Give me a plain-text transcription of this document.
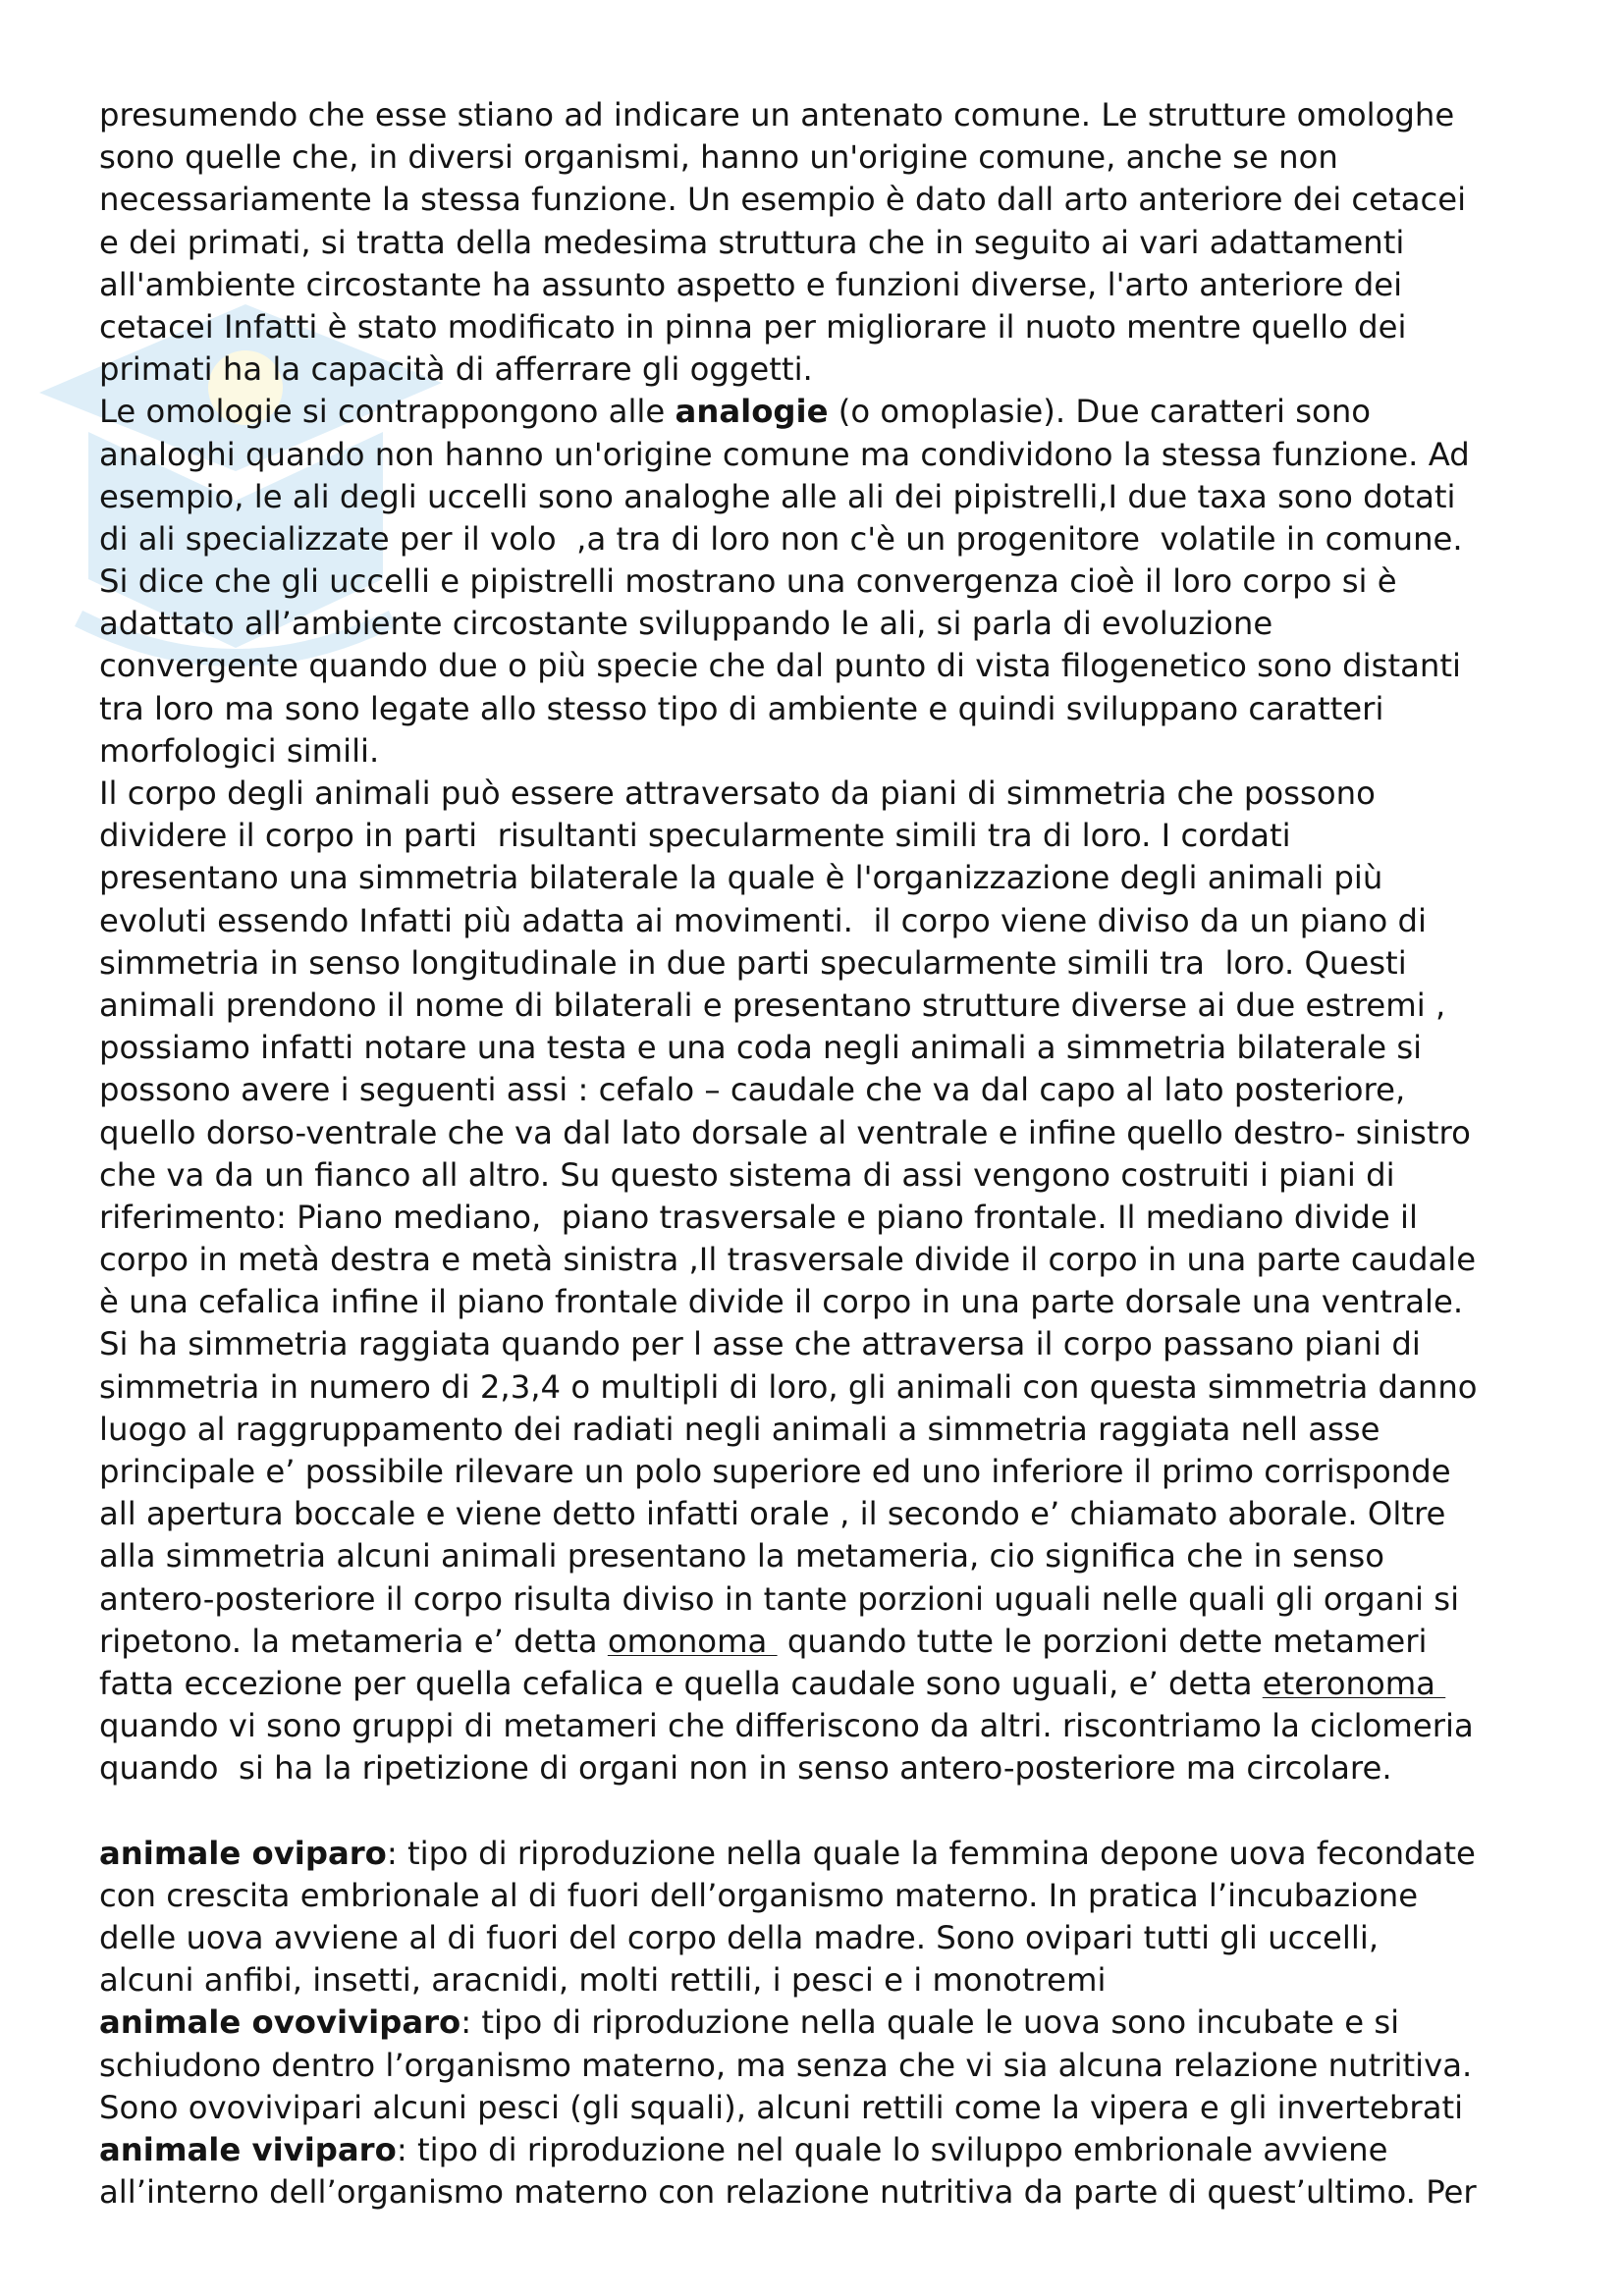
presumendo che esse stiano ad indicare un antenato comune. Le strutture omologhe
sono quelle che, in diversi organismi, hanno un'origine comune, anche se non
necessariamente la stessa funzione. Un esempio è dato dall arto anteriore dei cetacei
e dei primati, si tratta della medesima struttura che in seguito ai vari adattamenti
all'ambiente circostante ha assunto aspetto e funzioni diverse, l'arto anteriore dei
cetacei Infatti è stato modificato in pinna per migliorare il nuoto mentre quello dei
primati ha la capacità di afferrare gli oggetti.
Le omologie si contrappongono alle analogie (o omoplasie). Due caratteri sono
analoghi quando non hanno un'origine comune ma condividono la stessa funzione. Ad
esempio, le ali degli uccelli sono analoghe alle ali dei pipistrelli,I due taxa sono dotati
di ali specializzate per il volo  ,a tra di loro non c'è un progenitore  volatile in comune.
Si dice che gli uccelli e pipistrelli mostrano una convergenza cioè il loro corpo si è
adattato all’ambiente circostante sviluppando le ali, si parla di evoluzione
convergente quando due o più specie che dal punto di vista filogenetico sono distanti
tra loro ma sono legate allo stesso tipo di ambiente e quindi sviluppano caratteri
morfologici simili.
Il corpo degli animali può essere attraversato da piani di simmetria che possono
dividere il corpo in parti  risultanti specularmente simili tra di loro. I cordati
presentano una simmetria bilaterale la quale è l'organizzazione degli animali più
evoluti essendo Infatti più adatta ai movimenti.  il corpo viene diviso da un piano di
simmetria in senso longitudinale in due parti specularmente simili tra  loro. Questi
animali prendono il nome di bilaterali e presentano strutture diverse ai due estremi ,
possiamo infatti notare una testa e una coda negli animali a simmetria bilaterale si
possono avere i seguenti assi : cefalo – caudale che va dal capo al lato posteriore,
quello dorso-ventrale che va dal lato dorsale al ventrale e infine quello destro- sinistro
che va da un fianco all altro. Su questo sistema di assi vengono costruiti i piani di
riferimento: Piano mediano,  piano trasversale e piano frontale. Il mediano divide il
corpo in metà destra e metà sinistra ,Il trasversale divide il corpo in una parte caudale
è una cefalica infine il piano frontale divide il corpo in una parte dorsale una ventrale.
Si ha simmetria raggiata quando per l asse che attraversa il corpo passano piani di
simmetria in numero di 2,3,4 o multipli di loro, gli animali con questa simmetria danno
luogo al raggruppamento dei radiati negli animali a simmetria raggiata nell asse
principale e’ possibile rilevare un polo superiore ed uno inferiore il primo corrisponde
all apertura boccale e viene detto infatti orale , il secondo e’ chiamato aborale. Oltre
alla simmetria alcuni animali presentano la metameria, cio significa che in senso
antero-posteriore il corpo risulta diviso in tante porzioni uguali nelle quali gli organi si
ripetono. la metameria e’ detta omonoma  quando tutte le porzioni dette metameri
fatta eccezione per quella cefalica e quella caudale sono uguali, e’ detta eteronoma
quando vi sono gruppi di metameri che differiscono da altri. riscontriamo la ciclomeria
quando  si ha la ripetizione di organi non in senso antero-posteriore ma circolare.
animale oviparo: tipo di riproduzione nella quale la femmina depone uova fecondate
con crescita embrionale al di fuori dell’organismo materno. In pratica l’incubazione
delle uova avviene al di fuori del corpo della madre. Sono ovipari tutti gli uccelli,
alcuni anfibi, insetti, aracnidi, molti rettili, i pesci e i monotremi
animale ovoviviparo: tipo di riproduzione nella quale le uova sono incubate e si
schiudono dentro l’organismo materno, ma senza che vi sia alcuna relazione nutritiva.
Sono ovovivipari alcuni pesci (gli squali), alcuni rettili come la vipera e gli invertebrati
animale viviparo: tipo di riproduzione nel quale lo sviluppo embrionale avviene
all’interno dell’organismo materno con relazione nutritiva da parte di quest’ultimo. Per
